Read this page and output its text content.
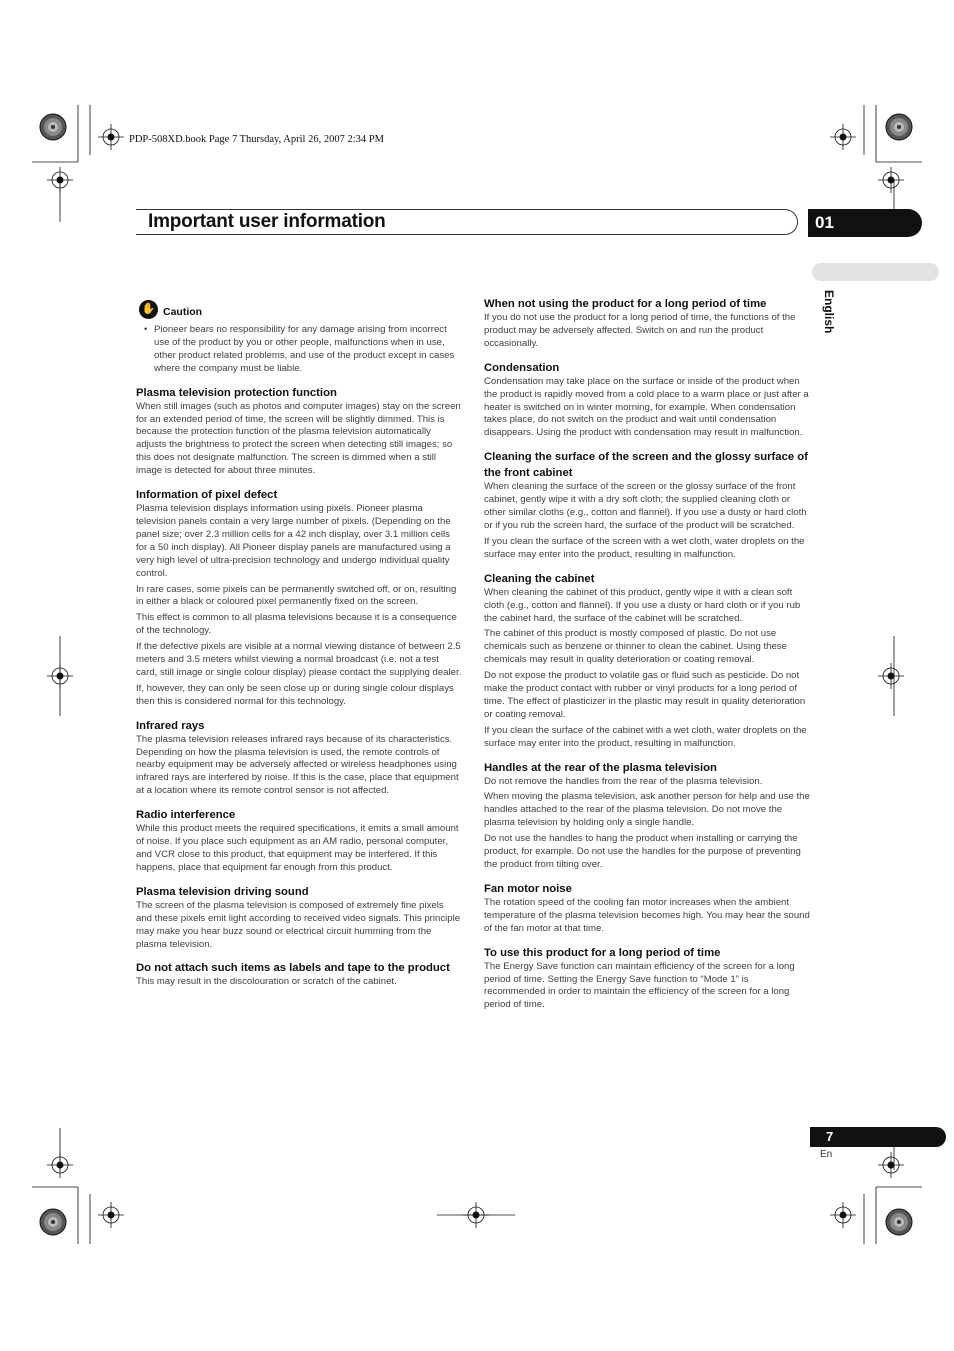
PDP-508XD.book Page 7 Thursday, April 26, 2007 2:34 PM
Important user information	01
English
✋ Caution
• Pioneer bears no responsibility for any damage arising from incorrect use of the product by you or other people, malfunctions when in use, other product related problems, and use of the product except in cases where the company must be liable.

Plasma television protection function

When still images (such as photos and computer images) stay on the screen for an extended period of time, the screen will be slightly dimmed. This is because the protection function of the plasma television automatically adjusts the brightness to protect the screen when detecting still images; so this does not designate malfunction. The screen is dimmed when a still image is detected for about three minutes.

Information of pixel defect

Plasma television displays information using pixels. Pioneer plasma television panels contain a very large number of pixels. (Depending on the panel size; over 2.3 million cells for a 42 inch display, over 3.1 million cells for a 50 inch display). All Pioneer display panels are manufactured using a very high level of ultra-precision technology and undergo individual quality control.

In rare cases, some pixels can be permanently switched off, or on, resulting in either a black or coloured pixel permanently fixed on the screen.

This effect is common to all plasma televisions because it is a consequence of the technology.

If the defective pixels are visible at a normal viewing distance of between 2.5 meters and 3.5 meters whilst viewing a normal broadcast (i.e. not a test card, still image or single colour display) please contact the supplying dealer.

If, however, they can only be seen close up or during single colour displays then this is considered normal for this technology.

Infrared rays

The plasma television releases infrared rays because of its characteristics. Depending on how the plasma television is used, the remote controls of nearby equipment may be adversely affected or wireless headphones using infrared rays are interfered by noise. If this is the case, place that equipment at a location where its remote control sensor is not affected.

Radio interference

While this product meets the required specifications, it emits a small amount of noise. If you place such equipment as an AM radio, personal computer, and VCR close to this product, that equipment may be interfered. If this happens, place that equipment far enough from this product.

Plasma television driving sound

The screen of the plasma television is composed of extremely fine pixels and these pixels emit light according to received video signals. This principle may make you hear buzz sound or electrical circuit humming from the plasma television.

Do not attach such items as labels and tape to the product

This may result in the discolouration or scratch of the cabinet.

When not using the product for a long period of time

If you do not use the product for a long period of time, the functions of the product may be adversely affected. Switch on and run the product occasionally.

Condensation

Condensation may take place on the surface or inside of the product when the product is rapidly moved from a cold place to a warm place or just after a heater is switched on in winter morning, for example. When condensation takes place, do not switch on the product and wait until condensation disappears. Using the product with condensation may result in malfunction.

Cleaning the surface of the screen and the glossy surface of the front cabinet

When cleaning the surface of the screen or the glossy surface of the front cabinet, gently wipe it with a dry soft cloth; the supplied cleaning cloth or other similar cloths (e.g., cotton and flannel). If you use a dusty or hard cloth or if you rub the screen hard, the surface of the product will be scratched.

If you clean the surface of the screen with a wet cloth, water droplets on the surface may enter into the product, resulting in malfunction.

Cleaning the cabinet

When cleaning the cabinet of this product, gently wipe it with a clean soft cloth (e.g., cotton and flannel). If you use a dusty or hard cloth or if you rub the cabinet hard, the surface of the cabinet will be scratched.

The cabinet of this product is mostly composed of plastic. Do not use chemicals such as benzene or thinner to clean the cabinet. Using these chemicals may result in quality deterioration or coating removal.

Do not expose the product to volatile gas or fluid such as pesticide. Do not make the product contact with rubber or vinyl products for a long period of time. The effect of plasticizer in the plastic may result in quality deterioration or coating removal.

If you clean the surface of the cabinet with a wet cloth, water droplets on the surface may enter into the product, resulting in malfunction.

Handles at the rear of the plasma television

Do not remove the handles from the rear of the plasma television.

When moving the plasma television, ask another person for help and use the handles attached to the rear of the plasma television. Do not move the plasma television by holding only a single handle.

Do not use the handles to hang the product when installing or carrying the product, for example. Do not use the handles for the purpose of preventing the product from tilting over.

Fan motor noise

The rotation speed of the cooling fan motor increases when the ambient temperature of the plasma television becomes high. You may hear the sound of the fan motor at that time.

To use this product for a long period of time

The Energy Save function can maintain efficiency of the screen for a long period of time. Setting the Energy Save function to “Mode 1” is recommended in order to maintain the efficiency of the screen for a long period of time.

7
En
